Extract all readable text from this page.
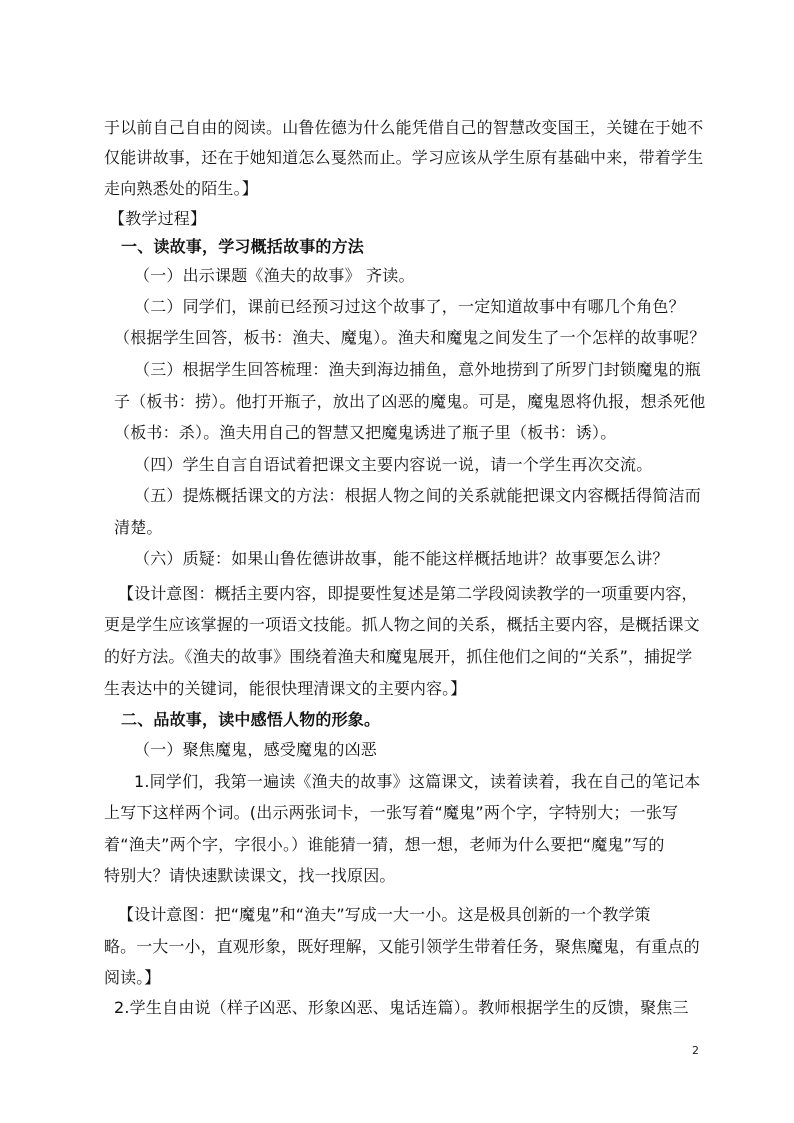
于以前自己自由的阅读。山鲁佐德为什么能凭借自己的智慧改变国王，关键在于她不
仅能讲故事，还在于她知道怎么戛然而止。学习应该从学生原有基础中来，带着学生
走向熟悉处的陌生。】
【教学过程】
一、读故事，学习概括故事的方法
（一）出示课题《渔夫的故事》 齐读。
（二）同学们，课前已经预习过这个故事了，一定知道故事中有哪几个角色？
（根据学生回答，板书：渔夫、魔鬼）。渔夫和魔鬼之间发生了一个怎样的故事呢？
（三）根据学生回答梳理：渔夫到海边捕鱼，意外地捞到了所罗门封锁魔鬼的瓶
子（板书：捞）。他打开瓶子，放出了凶恶的魔鬼。可是，魔鬼恩将仇报，想杀死他
（板书：杀）。渔夫用自己的智慧又把魔鬼诱进了瓶子里（板书：诱）。
（四）学生自言自语试着把课文主要内容说一说，请一个学生再次交流。
（五）提炼概括课文的方法：根据人物之间的关系就能把课文内容概括得简洁而
清楚。
（六）质疑：如果山鲁佐德讲故事，能不能这样概括地讲？故事要怎么讲？
【设计意图：概括主要内容，即提要性复述是第二学段阅读教学的一项重要内容，
更是学生应该掌握的一项语文技能。抓人物之间的关系，概括主要内容，是概括课文
的好方法。《渔夫的故事》围绕着渔夫和魔鬼展开，抓住他们之间的“关系”，捕捉学
生表达中的关键词，能很快理清课文的主要内容。】
二、品故事，读中感悟人物的形象。
（一）聚焦魔鬼，感受魔鬼的凶恶
1.同学们，我第一遍读《渔夫的故事》这篇课文，读着读着，我在自己的笔记本
上写下这样两个词。(出示两张词卡，一张写着“魔鬼”两个字，字特别大；一张写
着“渔夫”两个字，字很小。）谁能猜一猜，想一想，老师为什么要把“魔鬼”写的
特别大？请快速默读课文，找一找原因。
【设计意图：把“魔鬼”和“渔夫”写成一大一小。这是极具创新的一个教学策
略。一大一小，直观形象，既好理解，又能引领学生带着任务，聚焦魔鬼，有重点的
阅读。】
2.学生自由说（样子凶恶、形象凶恶、鬼话连篇）。教师根据学生的反馈，聚焦三
2
